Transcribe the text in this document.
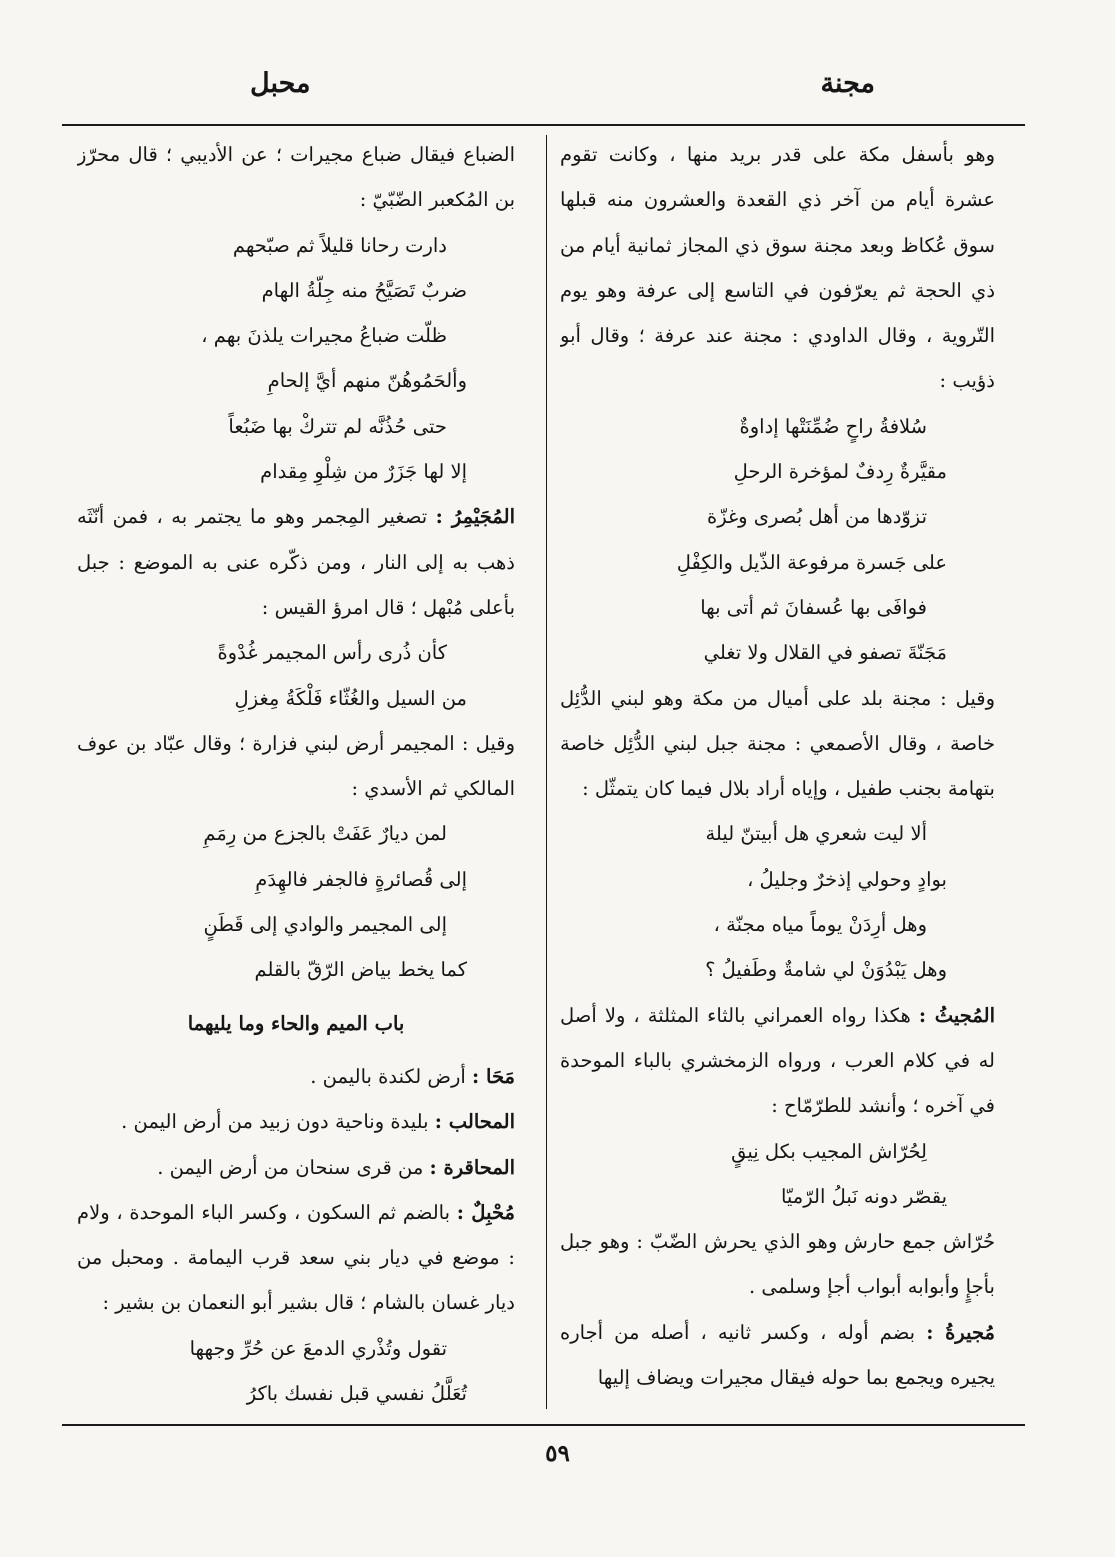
مجنة
محبل
وهو بأسفل مكة على قدر بريد منها ، وكانت تقوم عشرة أيام من آخر ذي القعدة والعشرون منه قبلها سوق عُكاظ وبعد مجنة سوق ذي المجاز ثمانية أيام من ذي الحجة ثم يعرّفون في التاسع إلى عرفة وهو يوم التّروية ، وقال الداودي : مجنة عند عرفة ؛ وقال أبو ذؤيب :
سُلافةُ راحٍ ضُمِّنَتْها إداوةٌ
مقيَّرةٌ رِدفٌ لمؤخرة الرحلِ
تزوّدها من أهل بُصرى وغزّة
على جَسرة مرفوعة الذّيل والكِفْلِ
فوافَى بها عُسفانَ ثم أتى بها
مَجَنّةَ تصفو في القلال ولا تغلي
وقيل : مجنة بلد على أميال من مكة وهو لبني الدُّئِل خاصة ، وقال الأصمعي : مجنة جبل لبني الدُّئِل خاصة بتهامة بجنب طفيل ، وإياه أراد بلال فيما كان يتمثّل :
ألا ليت شعري هل أبيتنّ ليلة
بوادٍ وحولي إذخرٌ وجليلُ ،
وهل أرِدَنْ يوماً مياه مجنّة ،
وهل يَبْدُوَنْ لي شامةٌ وطَفيلُ ؟
المُجيثُ : هكذا رواه العمراني بالثاء المثلثة ، ولا أصل له في كلام العرب ، ورواه الزمخشري بالباء الموحدة في آخره ؛ وأنشد للطرّمّاح :
لِحُرّاش المجيب بكل نِيقٍ
يقصّر دونه نَبلُ الرّميّا
حُرّاش جمع حارش وهو الذي يحرش الضّبّ : وهو جبل بأجإٍ وأبوابه أبواب أجإ وسلمى .
مُجيرةُ : بضم أوله ، وكسر ثانيه ، أصله من أجاره يجيره ويجمع بما حوله فيقال مجيرات ويضاف إليها
الضباع فيقال ضباع مجيرات ؛ عن الأديبي ؛ قال محرّز بن المُكعبر الضّبّيّ :
دارت رحانا قليلاً ثم صبّحهم
ضربٌ تَصَيَّحُ منه جِلّةُ الهام
ظلّت ضباعُ مجيرات يلذنَ بهم ،
وألحَمُوهُنّ منهم أيَّ إلحامِ
حتى حُذُنَّه لم تتركْ بها ضَبُعاً
إلا لها جَزَرٌ من شِلْوِ مِقدام
المُجَيْمِرُ : تصغير المِجمر وهو ما يجتمر به ، فمن أنّثَه ذهب به إلى النار ، ومن ذكّره عنى به الموضع : جبل بأعلى مُبْهل ؛ قال امرؤ القيس :
كأن ذُرى رأس المجيمر غُدْوةً
من السيل والغُثّاء فَلْكَةُ مِغزلِ
وقيل : المجيمر أرض لبني فزارة ؛ وقال عبّاد بن عوف المالكي ثم الأسدي :
لمن ديارٌ عَفَتْ بالجزع من رِمَمِ
إلى قُصائرةٍ فالجفر فالهِدَمِ
إلى المجيمر والوادي إلى قَطَنٍ
كما يخط بياض الرّقّ بالقلم
باب الميم والحاء وما يليهما
مَحَا : أرض لكندة باليمن .
المحالب : بليدة وناحية دون زبيد من أرض اليمن .
المحاقرة : من قرى سنحان من أرض اليمن .
مُحْبِلٌ : بالضم ثم السكون ، وكسر الباء الموحدة ، ولام : موضع في ديار بني سعد قرب اليمامة . ومحبل من ديار غسان بالشام ؛ قال بشير أبو النعمان بن بشير :
تقول وتُذْري الدمعَ عن حُرِّ وجهها
تُعَلَّلُ نفسي قبل نفسك باكرُ
٥٩
